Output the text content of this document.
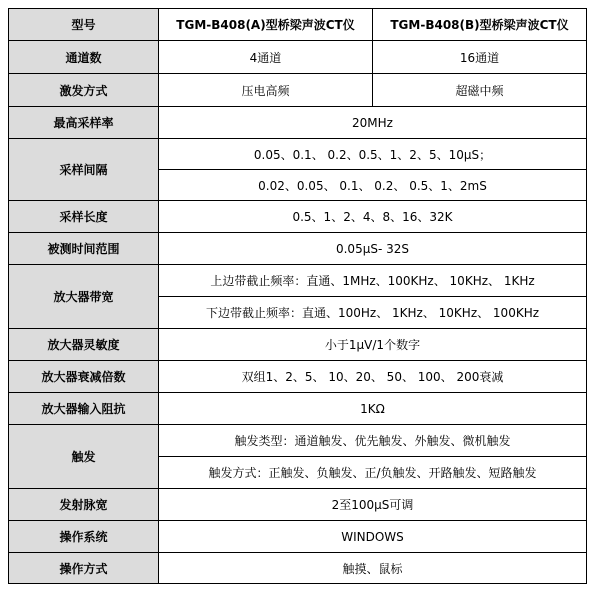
型号	TGM-B408(A)型桥梁声波CT仪	TGM-B408(B)型桥梁声波CT仪
通道数	4通道	16通道
激发方式	压电高频	超磁中频
最高采样率	20MHz	
采样间隔	0.05、0.1、 0.2、0.5、1、2、5、10μS；	
	0.02、0.05、 0.1、 0.2、 0.5、1、2mS	
采样长度	0.5、1、2、4、8、16、32K	
被测时间范围	0.05μS- 32S	
放大器带宽	上边带截止频率：直通、1MHz、100KHz、 10KHz、 1KHz	
	下边带截止频率：直通、100Hz、 1KHz、 10KHz、 100KHz	
放大器灵敏度	小于1μV/1个数字	
放大器衰减倍数	双组1、2、5、 10、20、 50、 100、 200衰减	
放大器输入阻抗	1KΩ	
触发	触发类型：通道触发、优先触发、外触发、微机触发	
	触发方式：正触发、负触发、正/负触发、开路触发、短路触发	
发射脉宽	2至100μS可调	
操作系统	WINDOWS	
操作方式	触摸、鼠标	
